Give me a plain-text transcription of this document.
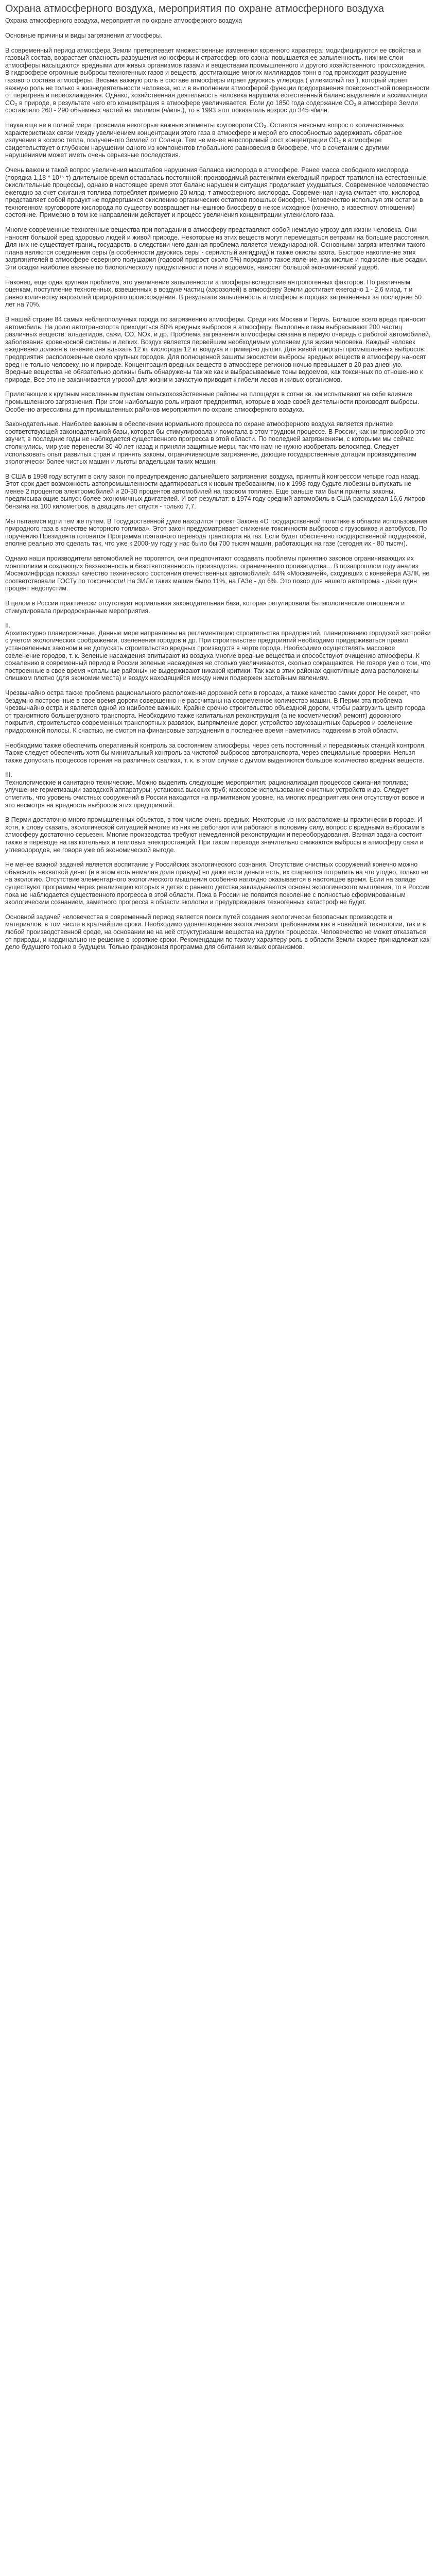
Охрана атмосферного воздуха, мероприятия по охране атмосферного воздуха
Охрана атмосферного воздуха, мероприятия по охране атмосферного воздуха

Основные причины и виды загрязнения атмосферы.

В современный период атмосфера Земли претерпевает множественные изменения коренного характера: модифицируются ее свойства и газовый состав, возрастает опасность разрушения ионосферы и стратосферного озона; повышается ее запыленность. нижние слои атмосферы насыщаются вредными для живых организмов газами и веществами промышленного и другого хозяйственного происхождения. В гидросфере огромные выбросы техногенных газов и веществ, достигающие многих миллиардов тонн в год происходит разрушение газового состава атмосферы. Весьма важную роль в составе атмосферы играет двуокись углерода ( углекислый газ ), который играет важную роль не только в жизнедеятельности человека, но и в выполнении атмосферой функции предохранения поверхностной поверхности от перегрева и переохлаждения. Однако, хозяйственная деятельность человека нарушила естественный баланс выделения и ассимиляции CO₂ в природе, в результате чего его концентрация в атмосфере увеличивается. Если до 1850 года содержание CO₂ в атмосфере Земли составляло 260 - 290 объемных частей на миллион (ч/млн.), то в 1993 этот показатель возрос до 345 ч/млн.

Наука еще не в полной мере прояснила некоторые важные элементы круговорота CO₂. Остается неясным вопрос о количественных характеристиках связи между увеличением концентрации этого газа в атмосфере и мерой его способностью задерживать обратное излучение в космос тепла, полученного Землей от Солнца. Тем не менее неоспоримый рост концентрации CO₂ в атмосфере свидетельствует о глубоком нарушении одного из компонентов глобального равновесия в биосфере, что в сочетании с другими нарушениями может иметь очень серьезные последствия.

Очень важен и такой вопрос увеличения масштабов нарушения баланса кислорода в атмосфере. Ранее масса свободного кислорода (порядка 1,18 * 10¹⁵ т) длительное время оставалась постоянной: производимый растениями ежегодный прирост тратился на естественные окислительные процессы), однако в настоящее время этот баланс нарушен и ситуация продолжает ухудшаться. Современное человечество ежегодно за счет сжигания топлива потребляет примерно 20 млрд. т атмосферного кислорода. Современная наука считает что, кислород представляет собой продукт не подвергшихся окислению органических остатков прошлых биосфер. Человечество используя эти остатки в техногенном круговороте кислорода по существу возвращает нынешнюю биосферу в некое исходное (конечно, в известном отношении) состояние. Примерно в том же направлении действует и процесс увеличения концентрации углекислого газа.

Многие современные техногенные вещества при попадании в атмосферу представляют собой немалую угрозу для жизни человека. Они наносят большой вред здоровью людей и живой природе. Некоторые из этих веществ могут перемещаться ветрами на большие расстояния. Для них не существует границ государств, в следствии чего данная проблема является международной. Основными загрязнителями такого плана являются соединения серы (в особенности двуокись серы - сернистый ангидрид) и также окислы азота. Быстрое накопление этих загрязнителей в атмосфере северного полушария (годовой прирост около 5%) породило такое явление, как кислые и подкисленные осадки. Эти осадки наиболее важные по биологическому продуктивности почв и водоемов, наносят большой экономический ущерб.

Наконец, еще одна крупная проблема, это увеличение запыленности атмосферы вследствие антропогенных факторов. По различным оценкам, поступление техногенных, взвешенных в воздухе частиц (аэрозолей) в атмосферу Земли достигает ежегодно 1 - 2,6 млрд. т и равно количеству аэрозолей природного происхождения. В результате запыленность атмосферы в городах загрязненных за последние 50 лет на 70%.

В нашей стране 84 самых неблагополучных города по загрязнению атмосферы. Среди них Москва и Пермь. Большое всего вреда приносит автомобиль. На долю автотранспорта приходиться 80% вредных выбросов в атмосферу. Выхлопные газы выбрасывают 200 частиц различных веществ: альдегидов, сажи, СО, NOx, и др. Проблема загрязнения атмосферы связана в первую очередь с работой автомобилей, заболевания кровеносной системы и легких. Воздух является первейшим необходимым условием для жизни человека. Каждый человек ежедневно должен в течение дня вдыхать 12 кг. кислорода 12 кг воздуха и примерно дышит. Для живой природы промышленных выбросов: предприятия расположенные около крупных городов. Для полноценной зашиты экосистем выбросы вредных веществ в атмосферу наносят вред не только человеку, но и природе. Концентрация вредных веществ в атмосфере регионов ночью превышает в 20 раз дневную. Вредные вещества не обязательно должны быть обнаружены так же как и выбрасываемые тоны водоемов, как токсичных по отношению к природе. Все это не заканчивается угрозой для жизни и зачастую приводит к гибели лесов и живых организмов.

Прилегающие к крупным населенным пунктам сельскохозяйственные районы на площадях в сотни кв. км испытывают на себе влияние промышленного загрязнения. При этом наибольшую роль играют предприятия, которые в ходе своей деятельности производят выбросы. Особенно агрессивны для промышленных районов мероприятия по охране атмосферного воздуха.

Законодательные. Наиболее важным в обеспечении нормального процесса по охране атмосферного воздуха является принятие соответствующей законодательной базы, которая бы стимулировала и помогала в этом трудном процессе. В России, как ни прискорбно это звучит, в последние годы не наблюдается существенного прогресса в этой области. По последней загрязнениям, с которыми мы сейчас столкнулись, мир уже перенесли 30-40 лет назад и приняли защитные меры, так что нам не нужно изобретать велосипед. Следует использовать опыт развитых стран и принять законы, ограничивающие загрязнение, дающие государственные дотации производителям экологически более чистых машин и льготы владельцам таких машин.

В США в 1998 году вступит в силу закон по предупреждению дальнейшего загрязнения воздуха, принятый конгрессом четыре года назад. Этот срок дает возможность автопромышленности адаптироваться к новым требованиям, но к 1998 году будьте любезны выпускать не менее 2 процентов электромобилей и 20-30 процентов автомобилей на газовом топливе. Еще раньше там были приняты законы, предписывающие выпуск более экономичных двигателей. И вот результат: в 1974 году средний автомобиль в США расходовал 16,6 литров бензина на 100 километров, а двадцать лет спустя - только 7,7.

Мы пытаемся идти тем же путем. В Государственной думе находится проект Закона «О государственной политике в области использования природного газа в качестве моторного топлива». Этот закон предусматривает снижение токсичности выбросов с грузовиков и автобусов. По поручению Президента готовится Программа поэтапного перевода транспорта на газ. Если будет обеспечено государственной поддержкой, вполне реально это сделать так, что уже к 2000-му году у нас было бы 700 тысяч машин, работающих на газе (сегодня их - 80 тысяч).

Однако наши производители автомобилей не торопятся, они предпочитают создавать проблемы принятию законов ограничивающих их монополизм и создающих беззаконность и безответственность производства. ограниченного производства... В позапрошлом году анализ Мосэкоинфрода показал качество технического состояния отечественных автомобилей: 44% «Москвичей», сходивших с конвейера АЗЛК, не соответствовали ГОСТу по токсичности! На ЗИЛе таких машин было 11%, на ГАЗе - до 6%. Это позор для нашего автопрома - даже один процент недопустим.

В целом в России практически отсутствует нормальная законодательная база, которая регулировала бы экологические отношения и стимулировала природоохранные мероприятия.

II.
Архитектурно планировочные. Данные мере направлены на регламентацию строительства предприятий, планированию городской застройки с учетом экологических соображении, озеленения городов и др. При строительстве предприятий необходимо придерживаться правил установленных законом и не допускать строительство вредных производств в черте города. Необходимо осуществлять массовое озеленение городов, т. к. Зеленые насаждения впитывают из воздуха многие вредные вещества и способствуют очищению атмосферы. К сожалению в современный период в России зеленые насаждения не столько увеличиваются, сколько сокращаются. Не говоря уже о том, что построенные в свое время «спальные районы» не выдерживают никакой критики. Так как в этих районах однотипные дома расположены слишком плотно (для экономии места) и воздух находящийся между ними подвержен застойным явлениям.

Чрезвычайно остра также проблема рационального расположения дорожной сети в городах, а также качество самих дорог. Не секрет, что бездумно построенные в свое время дороги совершенно не рассчитаны на современное количество машин. В Перми эта проблема чрезвычайно остра и является одной из наиболее важных. Крайне срочно строительство объездной дороги, чтобы разгрузить центр города от транзитного большегрузного транспорта. Необходимо также капитальная реконструкция (а не косметический ремонт) дорожного покрытия, строительство современных транспортных развязок, выпрямление дорог, устройство звукозащитных барьеров и озеленение придорожной полосы. К счастью, не смотря на финансовые затруднения в последнее время наметились подвижки в этой области.

Необходимо также обеспечить оперативный контроль за состоянием атмосферы, через сеть постоянный и передвижных станций контроля. Также следует обеспечить хотя бы минимальный контроль за чистотой выбросов автотранспорта, через специальные проверки. Нельзя также допускать процессов горения на различных свалках, т. к. в этом случае с дымом выделяются большое количество вредных веществ.

III.
Технологические и санитарно технические. Можно выделить следующие мероприятия: рационализация процессов сжигания топлива; улучшение герметизации заводской аппаратуры; установка высоких труб; массовое использование очистных устройств и др. Следует отметить, что уровень очистных сооружений в России находится на примитивном уровне, на многих предприятиях они отсутствуют вовсе и это несмотря на вредность выбросов этих предприятий.

В Перми достаточно много промышленных объектов, в том числе очень вредных. Некоторые из них расположены практически в городе. И хотя, к слову сказать, экологической ситуацией многие из них не работают или работают в половину силу, вопрос с вредными выбросами в атмосферу достаточно серьезен. Многие производства требуют немедленной реконструкции и переоборудования. Важная задача состоит также в переводе на газ котельных и тепловых электростанций. При таком переходе значительно снижаются выбросы в атмосферу сажи и углеводородов, не говоря уже об экономической выгоде.

Не менее важной задачей является воспитание у Российских экологического сознания. Отсутствие очистных сооружений конечно можно объяснить нехваткой денег (и в этом есть немалая доля правды) но даже если деньги есть, их стараются потратить на что угодно, только не на экологию. Отсутствие элементарного экологического мышления особенно наглядно оказывается в настоящее время. Если на западе существуют программы через реализацию которых в детях с раннего детства закладываются основы экологического мышления, то в России пока не наблюдается существенного прогресса в этой области. Пока в России не появится поколение с полностью сформированным экологическим сознанием, заметного прогресса в области экологии и предупреждения техногенных катастроф не будет.

Основной задачей человечества в современный период является поиск путей создания экологически безопасных производств и материалов, в том числе в кратчайшие сроки. Необходимо удовлетворение экологическим требованиям как в новейшей технологии, так и в любой производственной среде, на основании не на неё структуризации вещества на других процессах. Человечество не может отказаться от природы, и кардинально не решение в короткие сроки. Рекомендации по такому характеру роль в области Земли скорее принадлежат как дело будущего только в будущем. Только грандиозная программа для обитания живых организмов.
